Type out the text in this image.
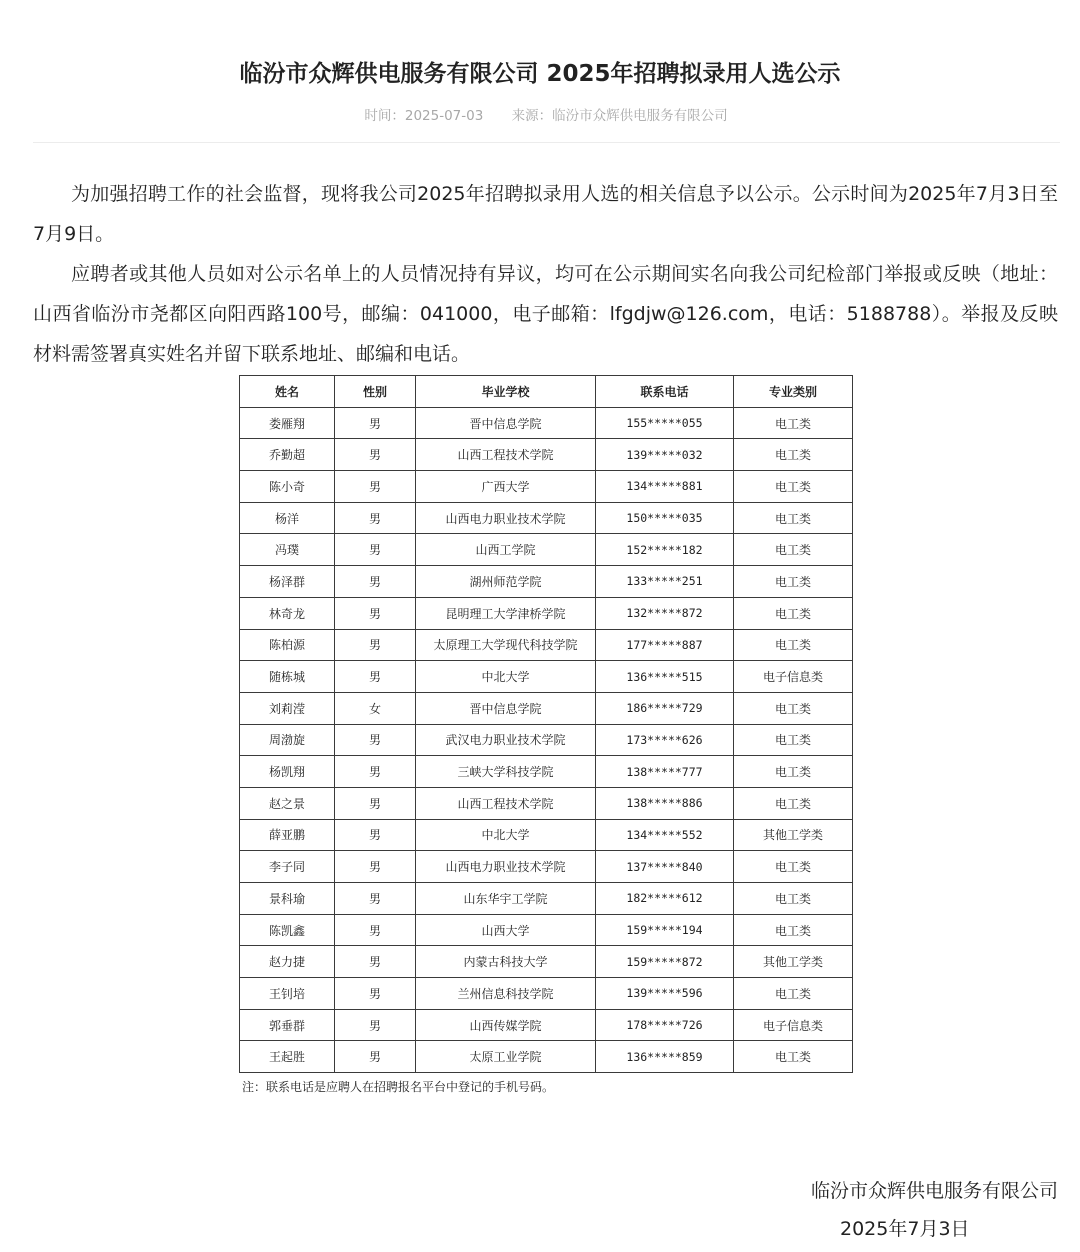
临汾市众辉供电服务有限公司 2025年招聘拟录用人选公示
时间：2025-07-03 来源：临汾市众辉供电服务有限公司

为加强招聘工作的社会监督，现将我公司2025年招聘拟录用人选的相关信息予以公示。公示时间为2025年7月3日至7月9日。

应聘者或其他人员如对公示名单上的人员情况持有异议，均可在公示期间实名向我公司纪检部门举报或反映（地址：山西省临汾市尧都区向阳西路100号，邮编：041000，电子邮箱：lfgdjw@126.com，电话：5188788）。举报及反映材料需签署真实姓名并留下联系地址、邮编和电话。

姓名	性别	毕业学校	联系电话	专业类别
娄雁翔	男	晋中信息学院	155*****055	电工类
乔勤超	男	山西工程技术学院	139*****032	电工类
陈小奇	男	广西大学	134*****881	电工类
杨洋	男	山西电力职业技术学院	150*****035	电工类
冯璞	男	山西工学院	152*****182	电工类
杨泽群	男	湖州师范学院	133*****251	电工类
林奇龙	男	昆明理工大学津桥学院	132*****872	电工类
陈柏源	男	太原理工大学现代科技学院	177*****887	电工类
随栋城	男	中北大学	136*****515	电子信息类
刘莉滢	女	晋中信息学院	186*****729	电工类
周渤旋	男	武汉电力职业技术学院	173*****626	电工类
杨凯翔	男	三峡大学科技学院	138*****777	电工类
赵之景	男	山西工程技术学院	138*****886	电工类
薛亚鹏	男	中北大学	134*****552	其他工学类
李子同	男	山西电力职业技术学院	137*****840	电工类
景科瑜	男	山东华宇工学院	182*****612	电工类
陈凯鑫	男	山西大学	159*****194	电工类
赵力捷	男	内蒙古科技大学	159*****872	其他工学类
王钊培	男	兰州信息科技学院	139*****596	电工类
郭垂群	男	山西传媒学院	178*****726	电子信息类
王起胜	男	太原工业学院	136*****859	电工类
注：联系电话是应聘人在招聘报名平台中登记的手机号码。
临汾市众辉供电服务有限公司
2025年7月3日
